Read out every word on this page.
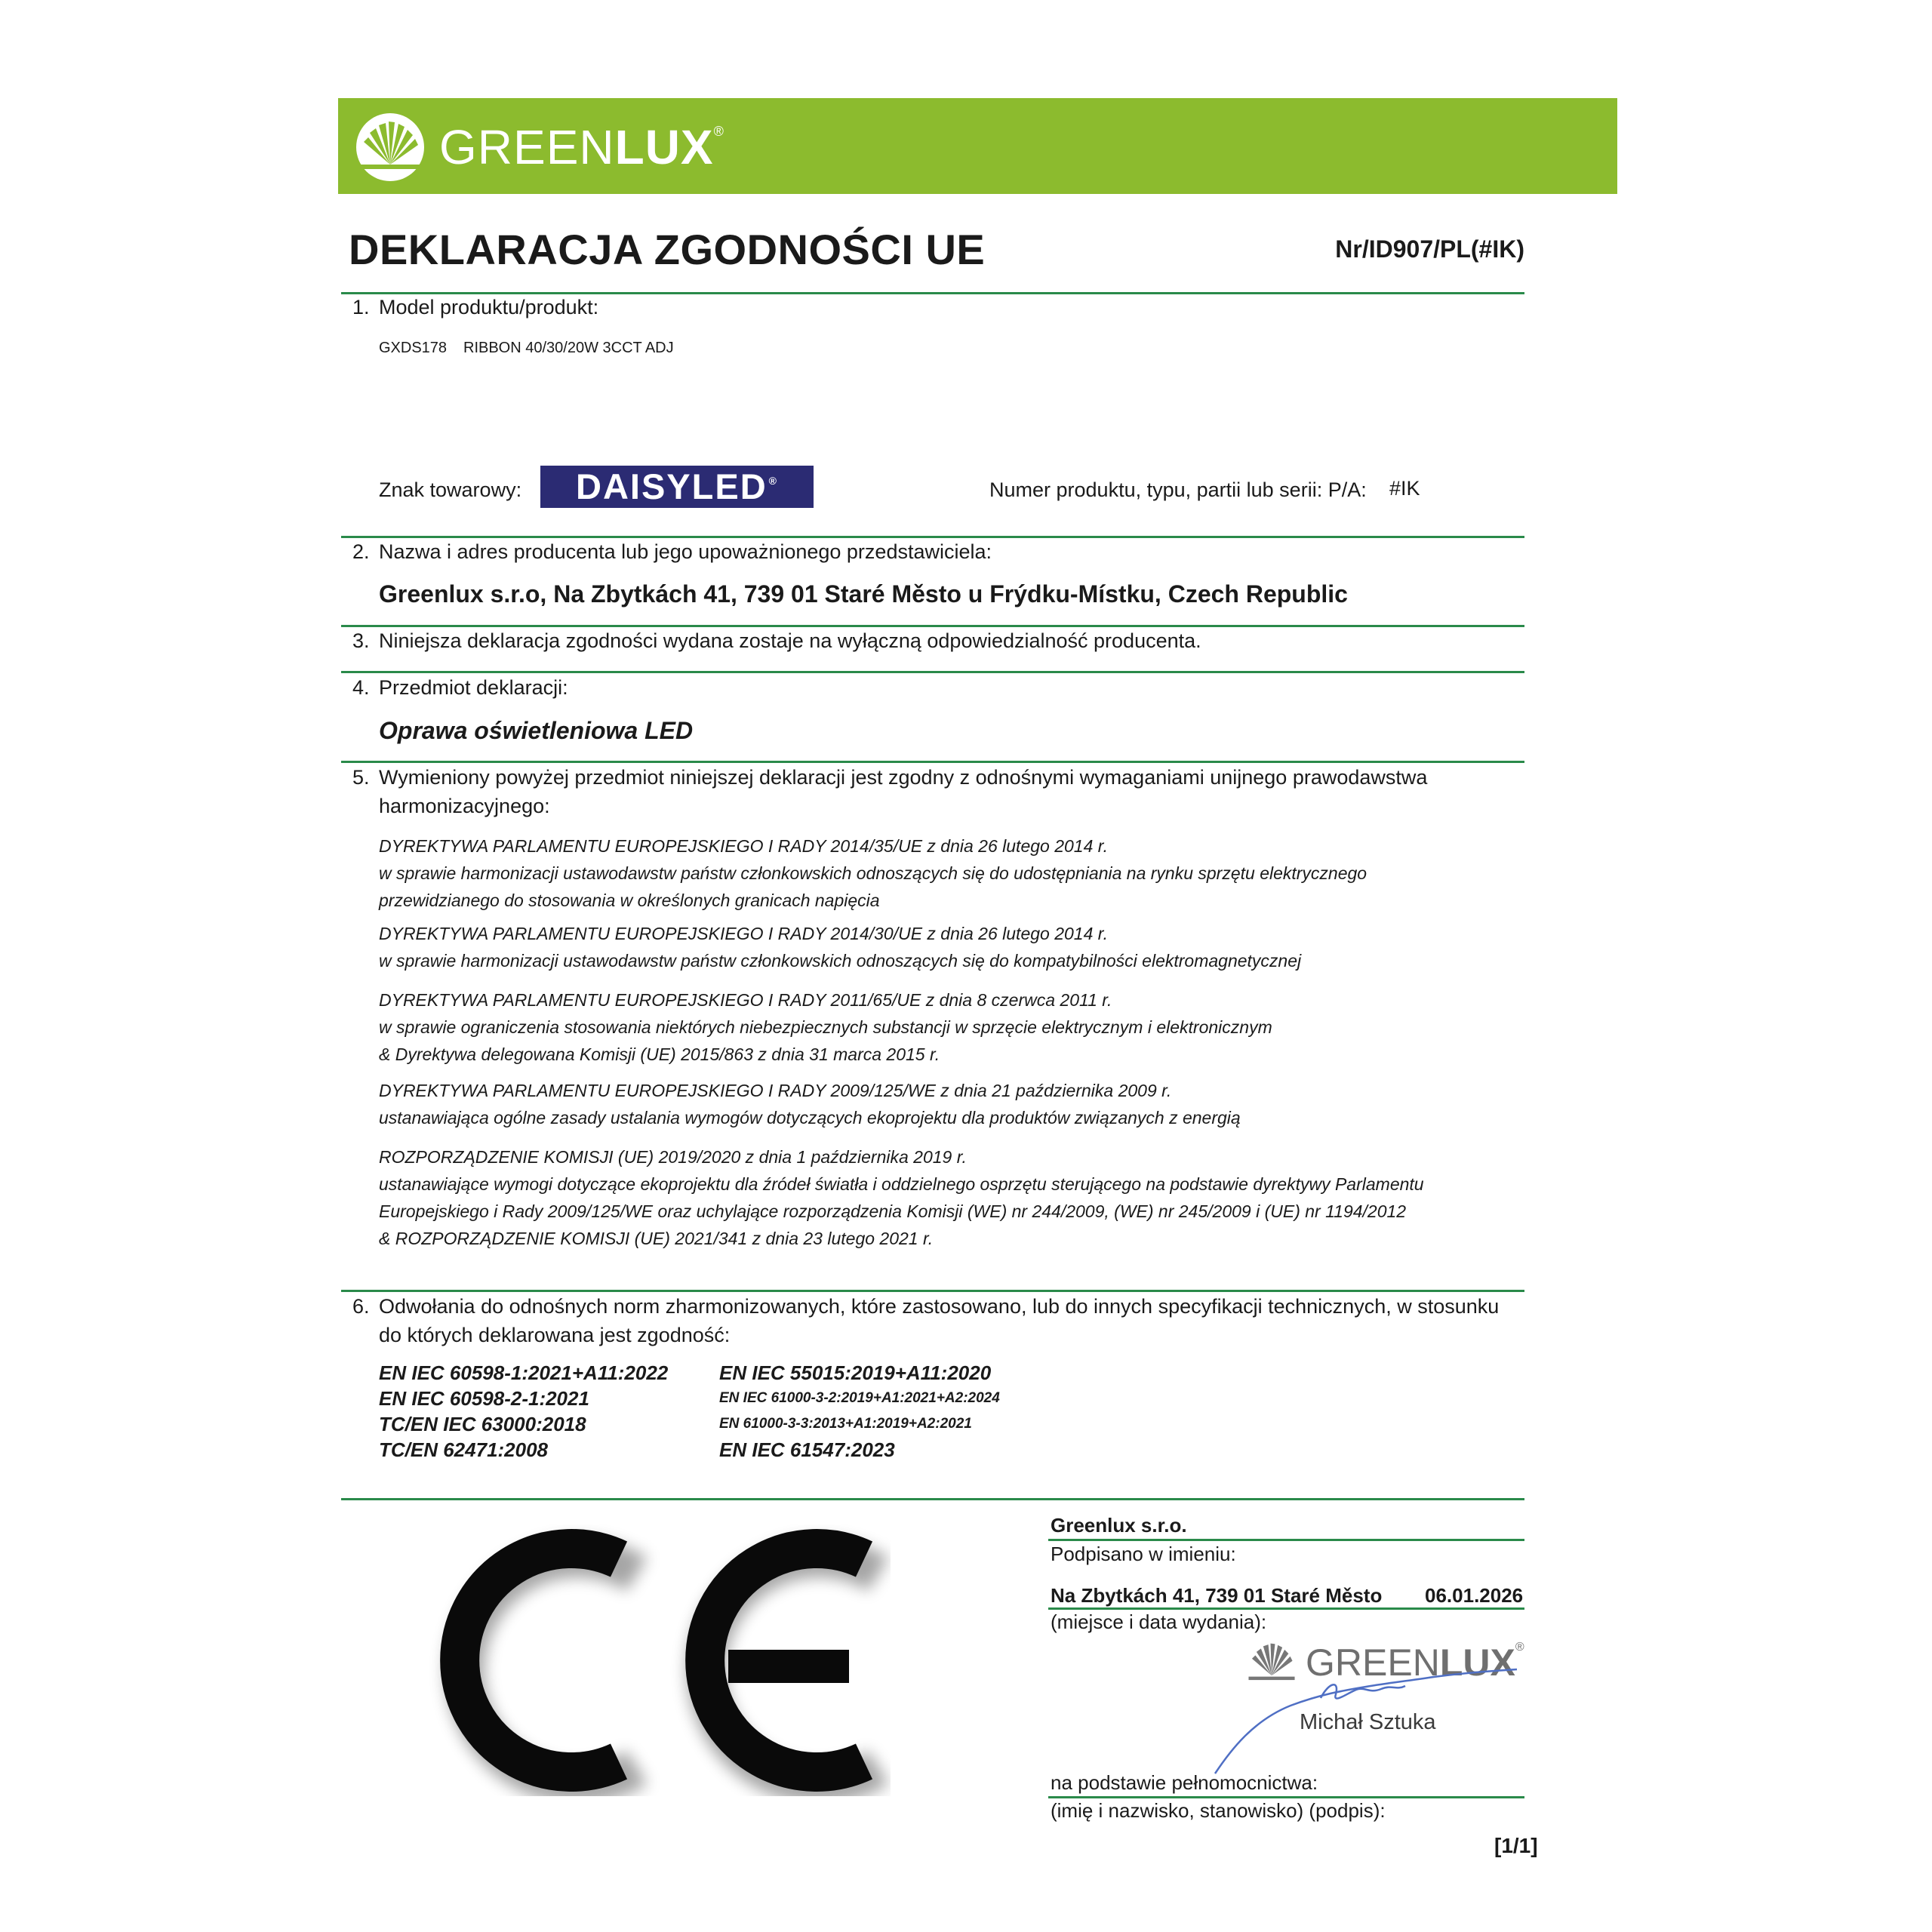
GREENLUX®
DEKLARACJA ZGODNOŚCI UE	Nr/ID907/PL(#IK)
1. Model produktu/produkt:
GXDS178 RIBBON 40/30/20W 3CCT ADJ
Znak towarowy:	DAISYLED ®	Numer produktu, typu, partii lub serii: P/A: #IK
2. Nazwa i adres producenta lub jego upoważnionego przedstawiciela:
Greenlux s.r.o, Na Zbytkách 41, 739 01 Staré Město u Frýdku-Místku, Czech Republic
3. Niniejsza deklaracja zgodności wydana zostaje na wyłączną odpowiedzialność producenta.
4. Przedmiot deklaracji:
Oprawa oświetleniowa LED
5. Wymieniony powyżej przedmiot niniejszej deklaracji jest zgodny z odnośnymi wymaganiami unijnego prawodawstwa
harmonizacyjnego:
DYREKTYWA PARLAMENTU EUROPEJSKIEGO I RADY 2014/35/UE z dnia 26 lutego 2014 r.
w sprawie harmonizacji ustawodawstw państw członkowskich odnoszących się do udostępniania na rynku sprzętu elektrycznego
przewidzianego do stosowania w określonych granicach napięcia
DYREKTYWA PARLAMENTU EUROPEJSKIEGO I RADY 2014/30/UE z dnia 26 lutego 2014 r.
w sprawie harmonizacji ustawodawstw państw członkowskich odnoszących się do kompatybilności elektromagnetycznej
DYREKTYWA PARLAMENTU EUROPEJSKIEGO I RADY 2011/65/UE z dnia 8 czerwca 2011 r.
w sprawie ograniczenia stosowania niektórych niebezpiecznych substancji w sprzęcie elektrycznym i elektronicznym
& Dyrektywa delegowana Komisji (UE) 2015/863 z dnia 31 marca 2015 r.
DYREKTYWA PARLAMENTU EUROPEJSKIEGO I RADY 2009/125/WE z dnia 21 października 2009 r.
ustanawiająca ogólne zasady ustalania wymogów dotyczących ekoprojektu dla produktów związanych z energią
ROZPORZĄDZENIE KOMISJI (UE) 2019/2020 z dnia 1 października 2019 r.
ustanawiające wymogi dotyczące ekoprojektu dla źródeł światła i oddzielnego osprzętu sterującego na podstawie dyrektywy Parlamentu
Europejskiego i Rady 2009/125/WE oraz uchylające rozporządzenia Komisji (WE) nr 244/2009, (WE) nr 245/2009 i (UE) nr 1194/2012
& ROZPORZĄDZENIE KOMISJI (UE) 2021/341 z dnia 23 lutego 2021 r.
6. Odwołania do odnośnych norm zharmonizowanych, które zastosowano, lub do innych specyfikacji technicznych, w stosunku
do których deklarowana jest zgodność:
EN IEC 60598-1:2021+A11:2022
EN IEC 60598-2-1:2021
TC/EN IEC 63000:2018
TC/EN 62471:2008
EN IEC 55015:2019+A11:2020
EN IEC 61000-3-2:2019+A1:2021+A2:2024
EN 61000-3-3:2013+A1:2019+A2:2021
EN IEC 61547:2023
Greenlux s.r.o.
Podpisano w imieniu:
Na Zbytkách 41, 739 01 Staré Město 06.01.2026
(miejsce i data wydania):
GREENLUX®
Michał Sztuka
na podstawie pełnomocnictwa:
(imię i nazwisko, stanowisko) (podpis):
[1/1]
